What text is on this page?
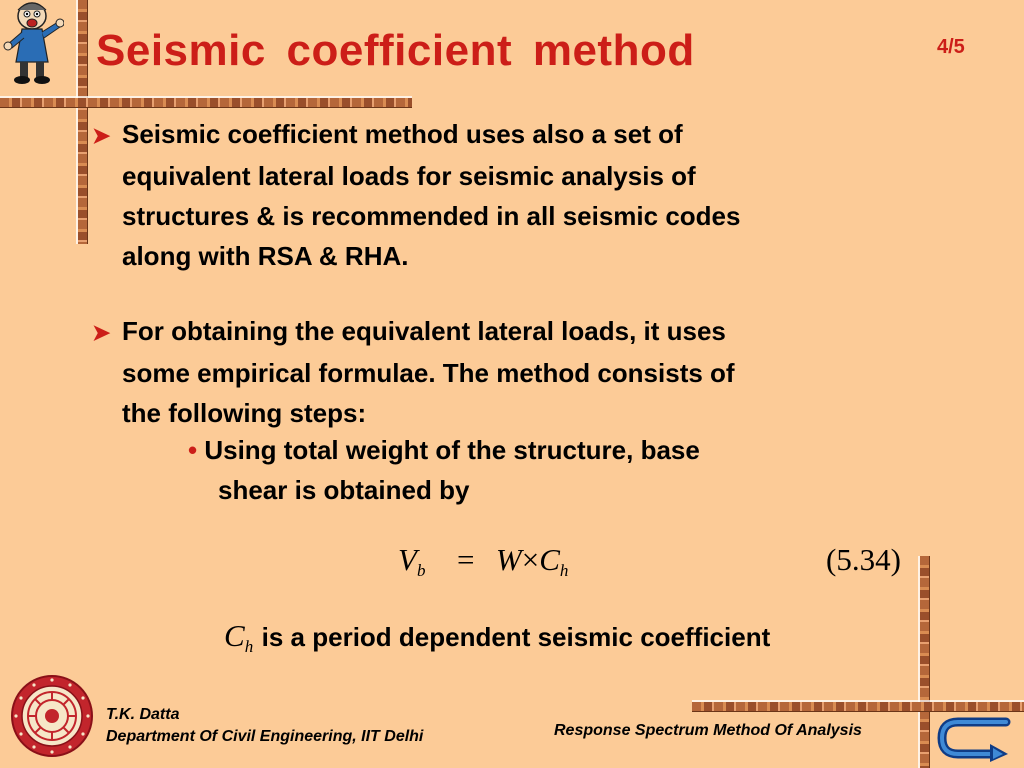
Seismic coefficient method	4/5
➤ Seismic coefficient method uses also a set of
equivalent lateral loads for seismic analysis of
structures & is recommended in all seismic codes
along with RSA & RHA.
➤ For obtaining the equivalent lateral loads, it uses
some empirical formulae. The method consists of
the following steps:
• Using total weight of the structure, base
shear is obtained by
$V_b = W\times C_h$	(5.34)
$C_h$ is a period dependent seismic coefficient
T.K. Datta
Department Of Civil Engineering, IIT Delhi	Response Spectrum Method Of Analysis
